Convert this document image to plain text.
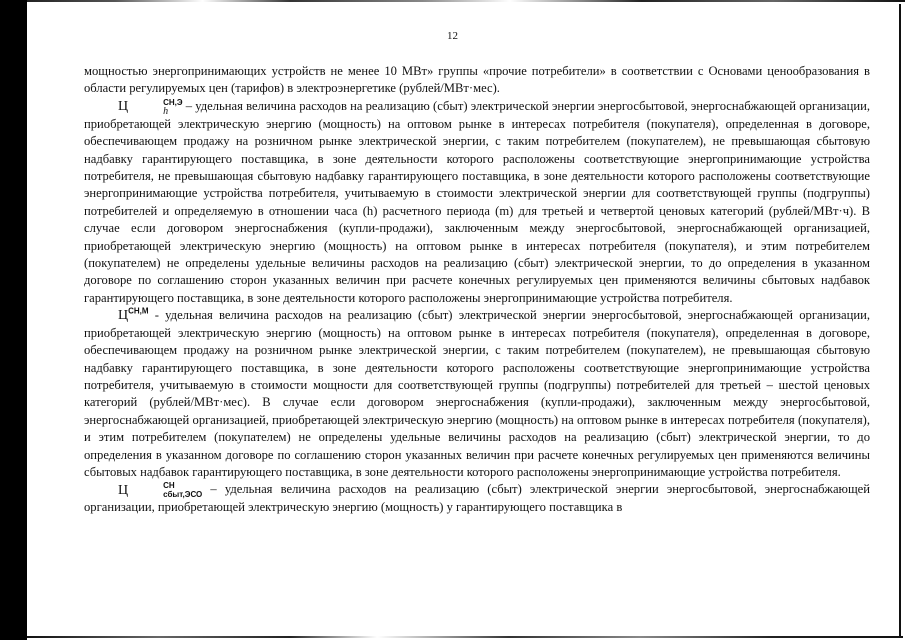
12

мощностью энергопринимающих устройств не менее 10 МВт» группы «прочие потребители» в соответствии с Основами ценообразования в области регулируемых цен (тарифов) в электроэнергетике (рублей/МВт·мес).

Ц	СН,Э
h	– удельная величина расходов на реализацию (сбыт) электрической энергии энергосбытовой, энергоснабжающей организации, приобретающей электрическую энергию (мощность) на оптовом рынке в интересах потребителя (покупателя), определенная в договоре, обеспечивающем продажу на розничном рынке электрической энергии, с таким потребителем (покупателем), не превышающая сбытовую надбавку гарантирующего поставщика, в зоне деятельности которого расположены соответствующие энергопринимающие устройства потребителя, не превышающая сбытовую надбавку гарантирующего поставщика, в зоне деятельности которого расположены соответствующие энергопринимающие устройства потребителя, учитываемую в стоимости электрической энергии для соответствующей группы (подгруппы) потребителей и определяемую в отношении часа (h) расчетного периода (m) для третьей и четвертой ценовых категорий (рублей/МВт·ч). В случае если договором энергоснабжения (купли-продажи), заключенным между энергосбытовой, энергоснабжающей организацией, приобретающей электрическую энергию (мощность) на оптовом рынке в интересах потребителя (покупателя), и этим потребителем (покупателем) не определены удельные величины расходов на реализацию (сбыт) электрической энергии, то до определения в указанном договоре по соглашению сторон указанных величин при расчете конечных регулируемых цен применяются величины сбытовых надбавок гарантирующего поставщика, в зоне деятельности которого расположены энергопринимающие устройства потребителя.

$Ц^{СН,М}$ - удельная величина расходов на реализацию (сбыт) электрической энергии энергосбытовой, энергоснабжающей организации, приобретающей электрическую энергию (мощность) на оптовом рынке в интересах потребителя (покупателя), определенная в договоре, обеспечивающем продажу на розничном рынке электрической энергии, с таким потребителем (покупателем), не превышающая сбытовую надбавку гарантирующего поставщика, в зоне деятельности которого расположены соответствующие энергопринимающие устройства потребителя, учитываемую в стоимости мощности для соответствующей группы (подгруппы) потребителей для третьей – шестой ценовых категорий (рублей/МВт·мес). В случае если договором энергоснабжения (купли-продажи), заключенным между энергосбытовой, энергоснабжающей организацией, приобретающей электрическую энергию (мощность) на оптовом рынке в интересах потребителя (покупателя), и этим потребителем (покупателем) не определены удельные величины расходов на реализацию (сбыт) электрической энергии, то до определения в указанном договоре по соглашению сторон указанных величин при расчете конечных регулируемых цен применяются величины сбытовых надбавок гарантирующего поставщика, в зоне деятельности которого расположены энергопринимающие устройства потребителя.

Ц	СН
сбыт,ЭСО – удельная величина расходов на реализацию (сбыт) электрической энергии энергосбытовой, энергоснабжающей организации, приобретающей электрическую энергию (мощность) у гарантирующего поставщика в
